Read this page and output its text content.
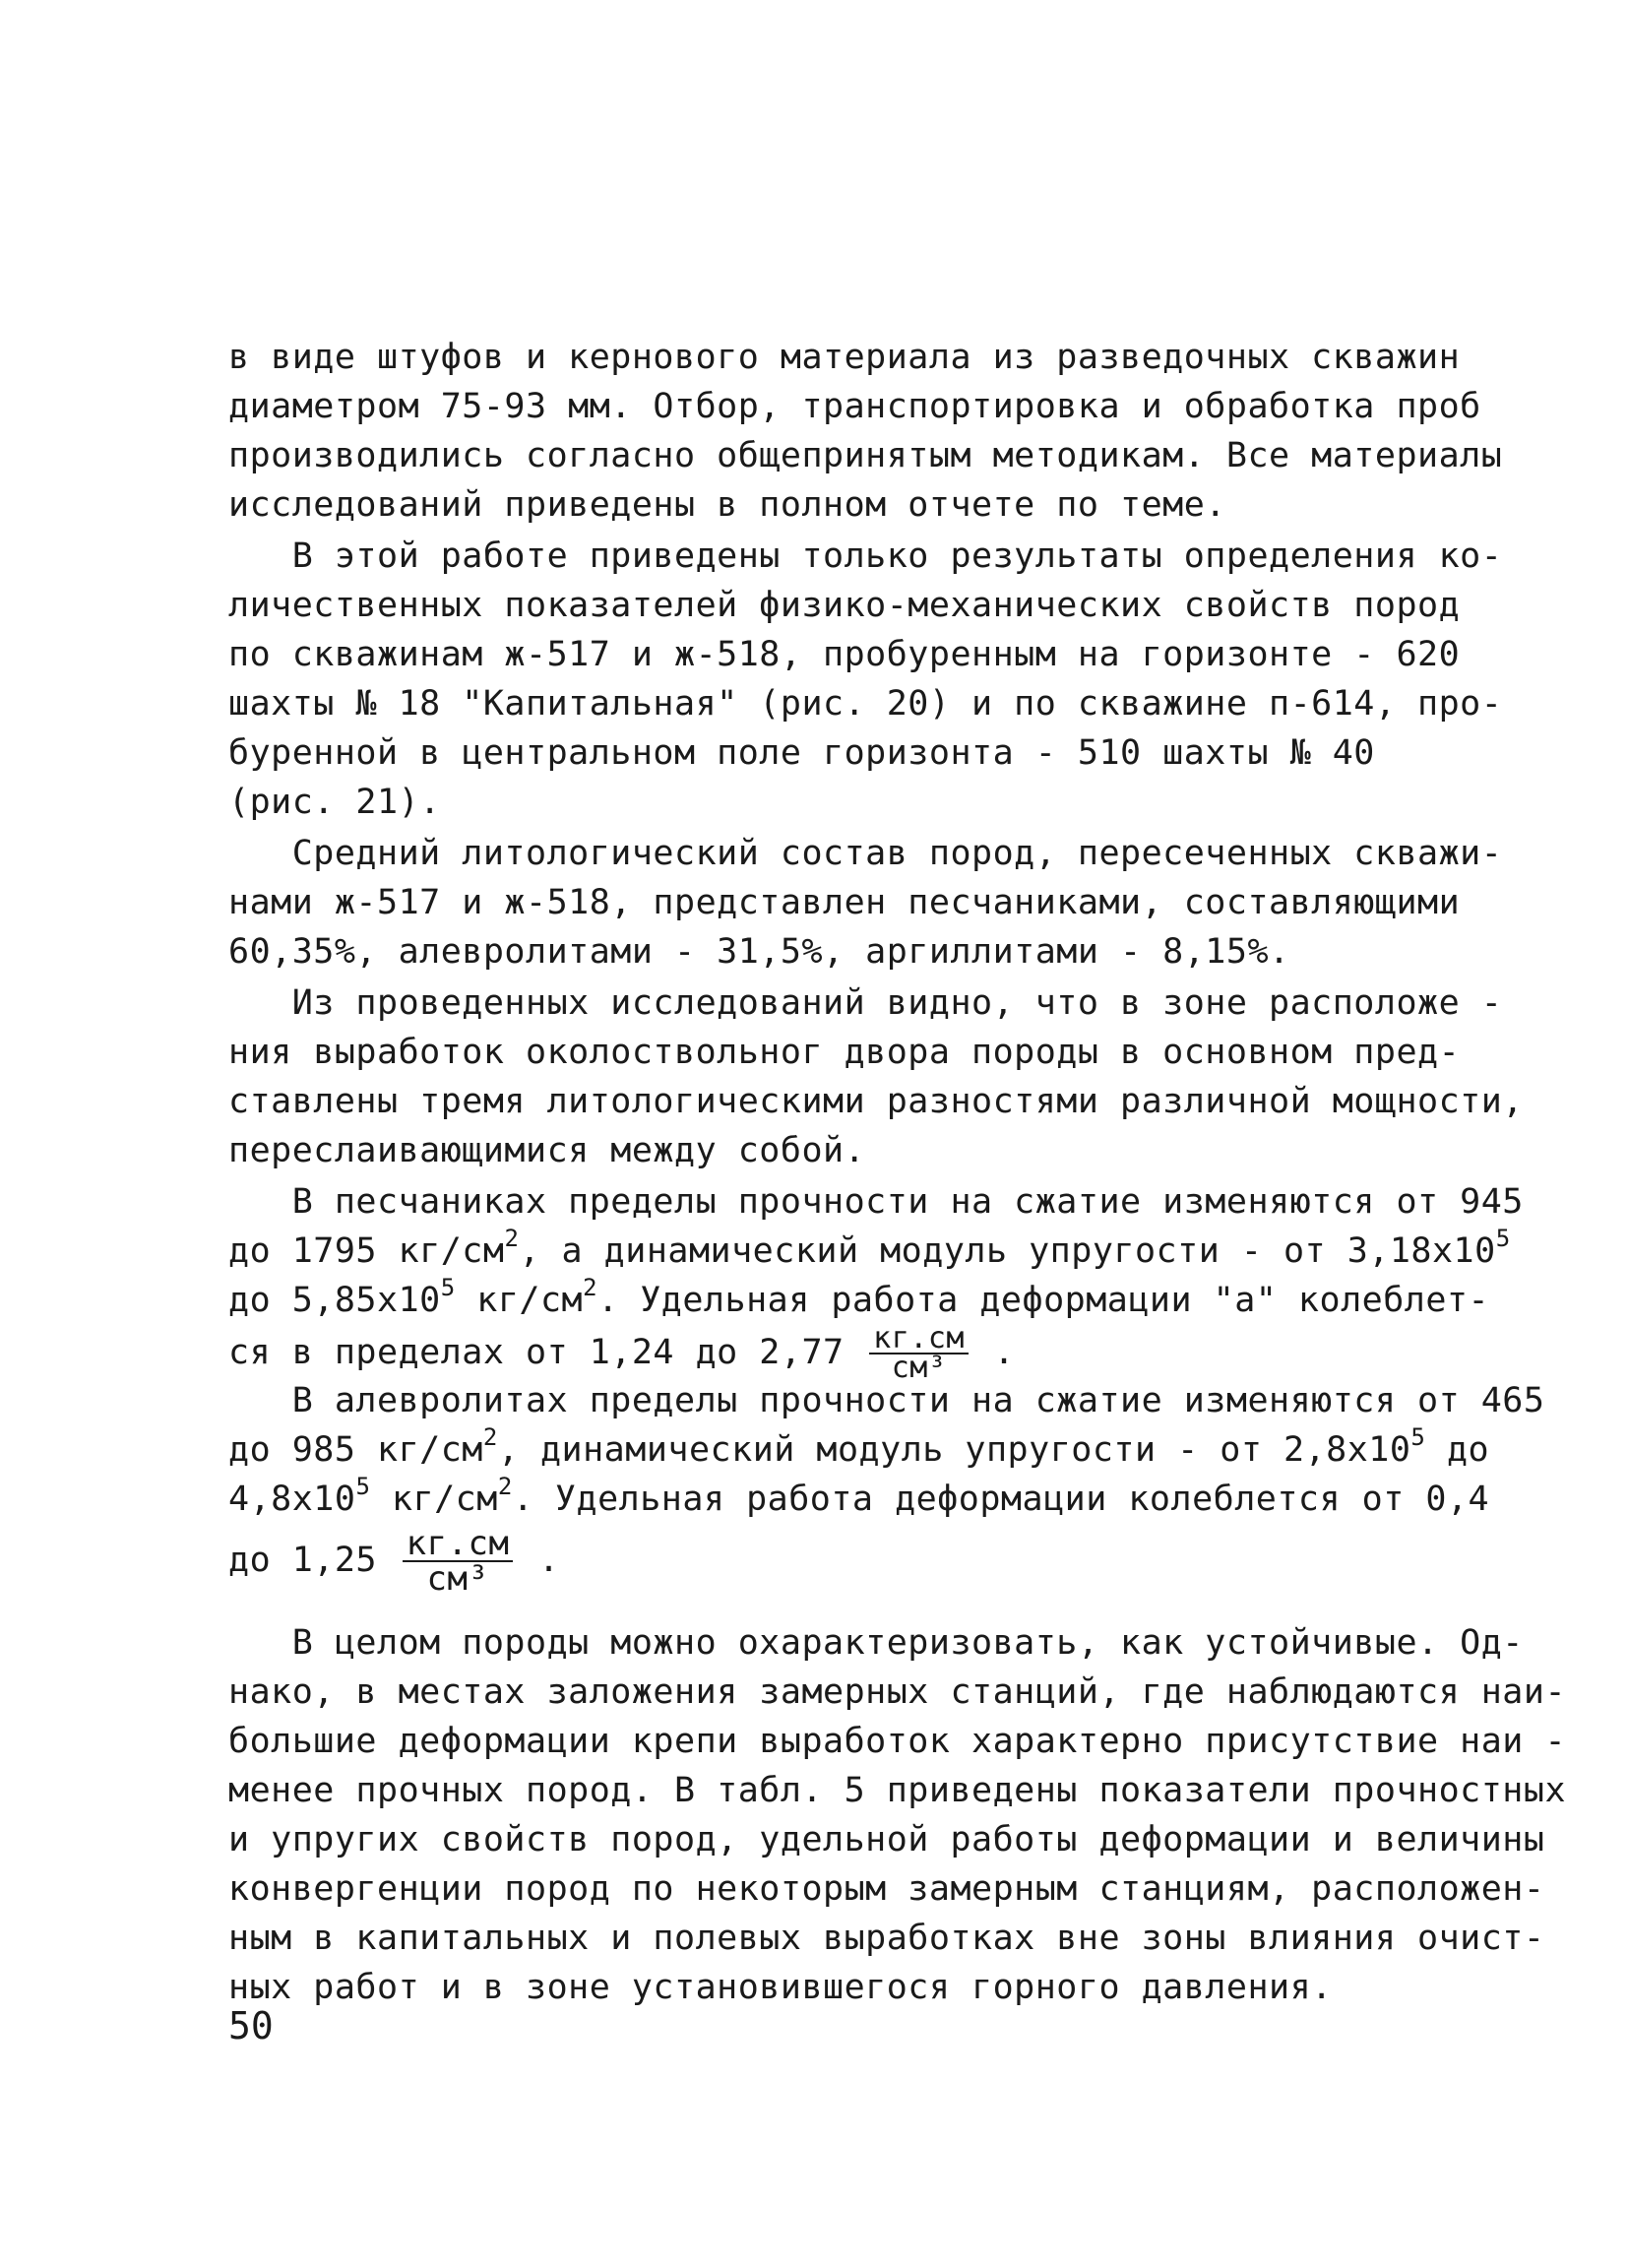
в виде штуфов и кернового материала из разведочных скважин
диаметром 75-93 мм. Отбор, транспортировка и обработка проб
производились согласно общепринятым методикам. Все материалы
исследований приведены в полном отчете по теме.
В этой работе приведены только результаты определения ко-
личественных показателей физико-механических свойств пород
по скважинам ж-517 и ж-518, пробуренным на горизонте - 620
шахты № 18 "Капитальная" (рис. 20) и по скважине п-614, про-
буренной в центральном поле горизонта - 510 шахты № 40
(рис. 21).
Средний литологический состав пород, пересеченных скважи-
нами ж-517 и ж-518, представлен песчаниками, составляющими
60,35%, алевролитами - 31,5%, аргиллитами - 8,15%.
Из проведенных исследований видно, что в зоне расположе -
ния выработок околоствольног двора породы в основном пред-
ставлены тремя литологическими разностями различной мощности,
переслаивающимися между собой.
В песчаниках пределы прочности на сжатие изменяются от 945
до 1795 $кг/см^2$, а динамический модуль упругости - от $3,18х10^5$
до $5,85х10^5$ $кг/см^2$. Удельная работа деформации "а" колеблет-
ся в пределах от 1,24 до $2,77 \frac{кг.см}{\text{см³}}$ .
В алевролитах пределы прочности на сжатие изменяются от 465
до 985 $кг/см^2$, динамический модуль упругости - от $2,8х10^5$ до
$4,8х10^5$ $кг/см^2$. Удельная работа деформации колеблется от 0,4
до $1,25 \frac{кг.см}{\text{см³}}$ .
В целом породы можно охарактеризовать, как устойчивые. Од-
нако, в местах заложения замерных станций, где наблюдаются наи-
большие деформации крепи выработок характерно присутствие наи -
менее прочных пород. В табл. 5 приведены показатели прочностных
и упругих свойств пород, удельной работы деформации и величины
конвергенции пород по некоторым замерным станциям, расположен-
ным в капитальных и полевых выработках вне зоны влияния очист-
ных работ и в зоне установившегося горного давления.
50
